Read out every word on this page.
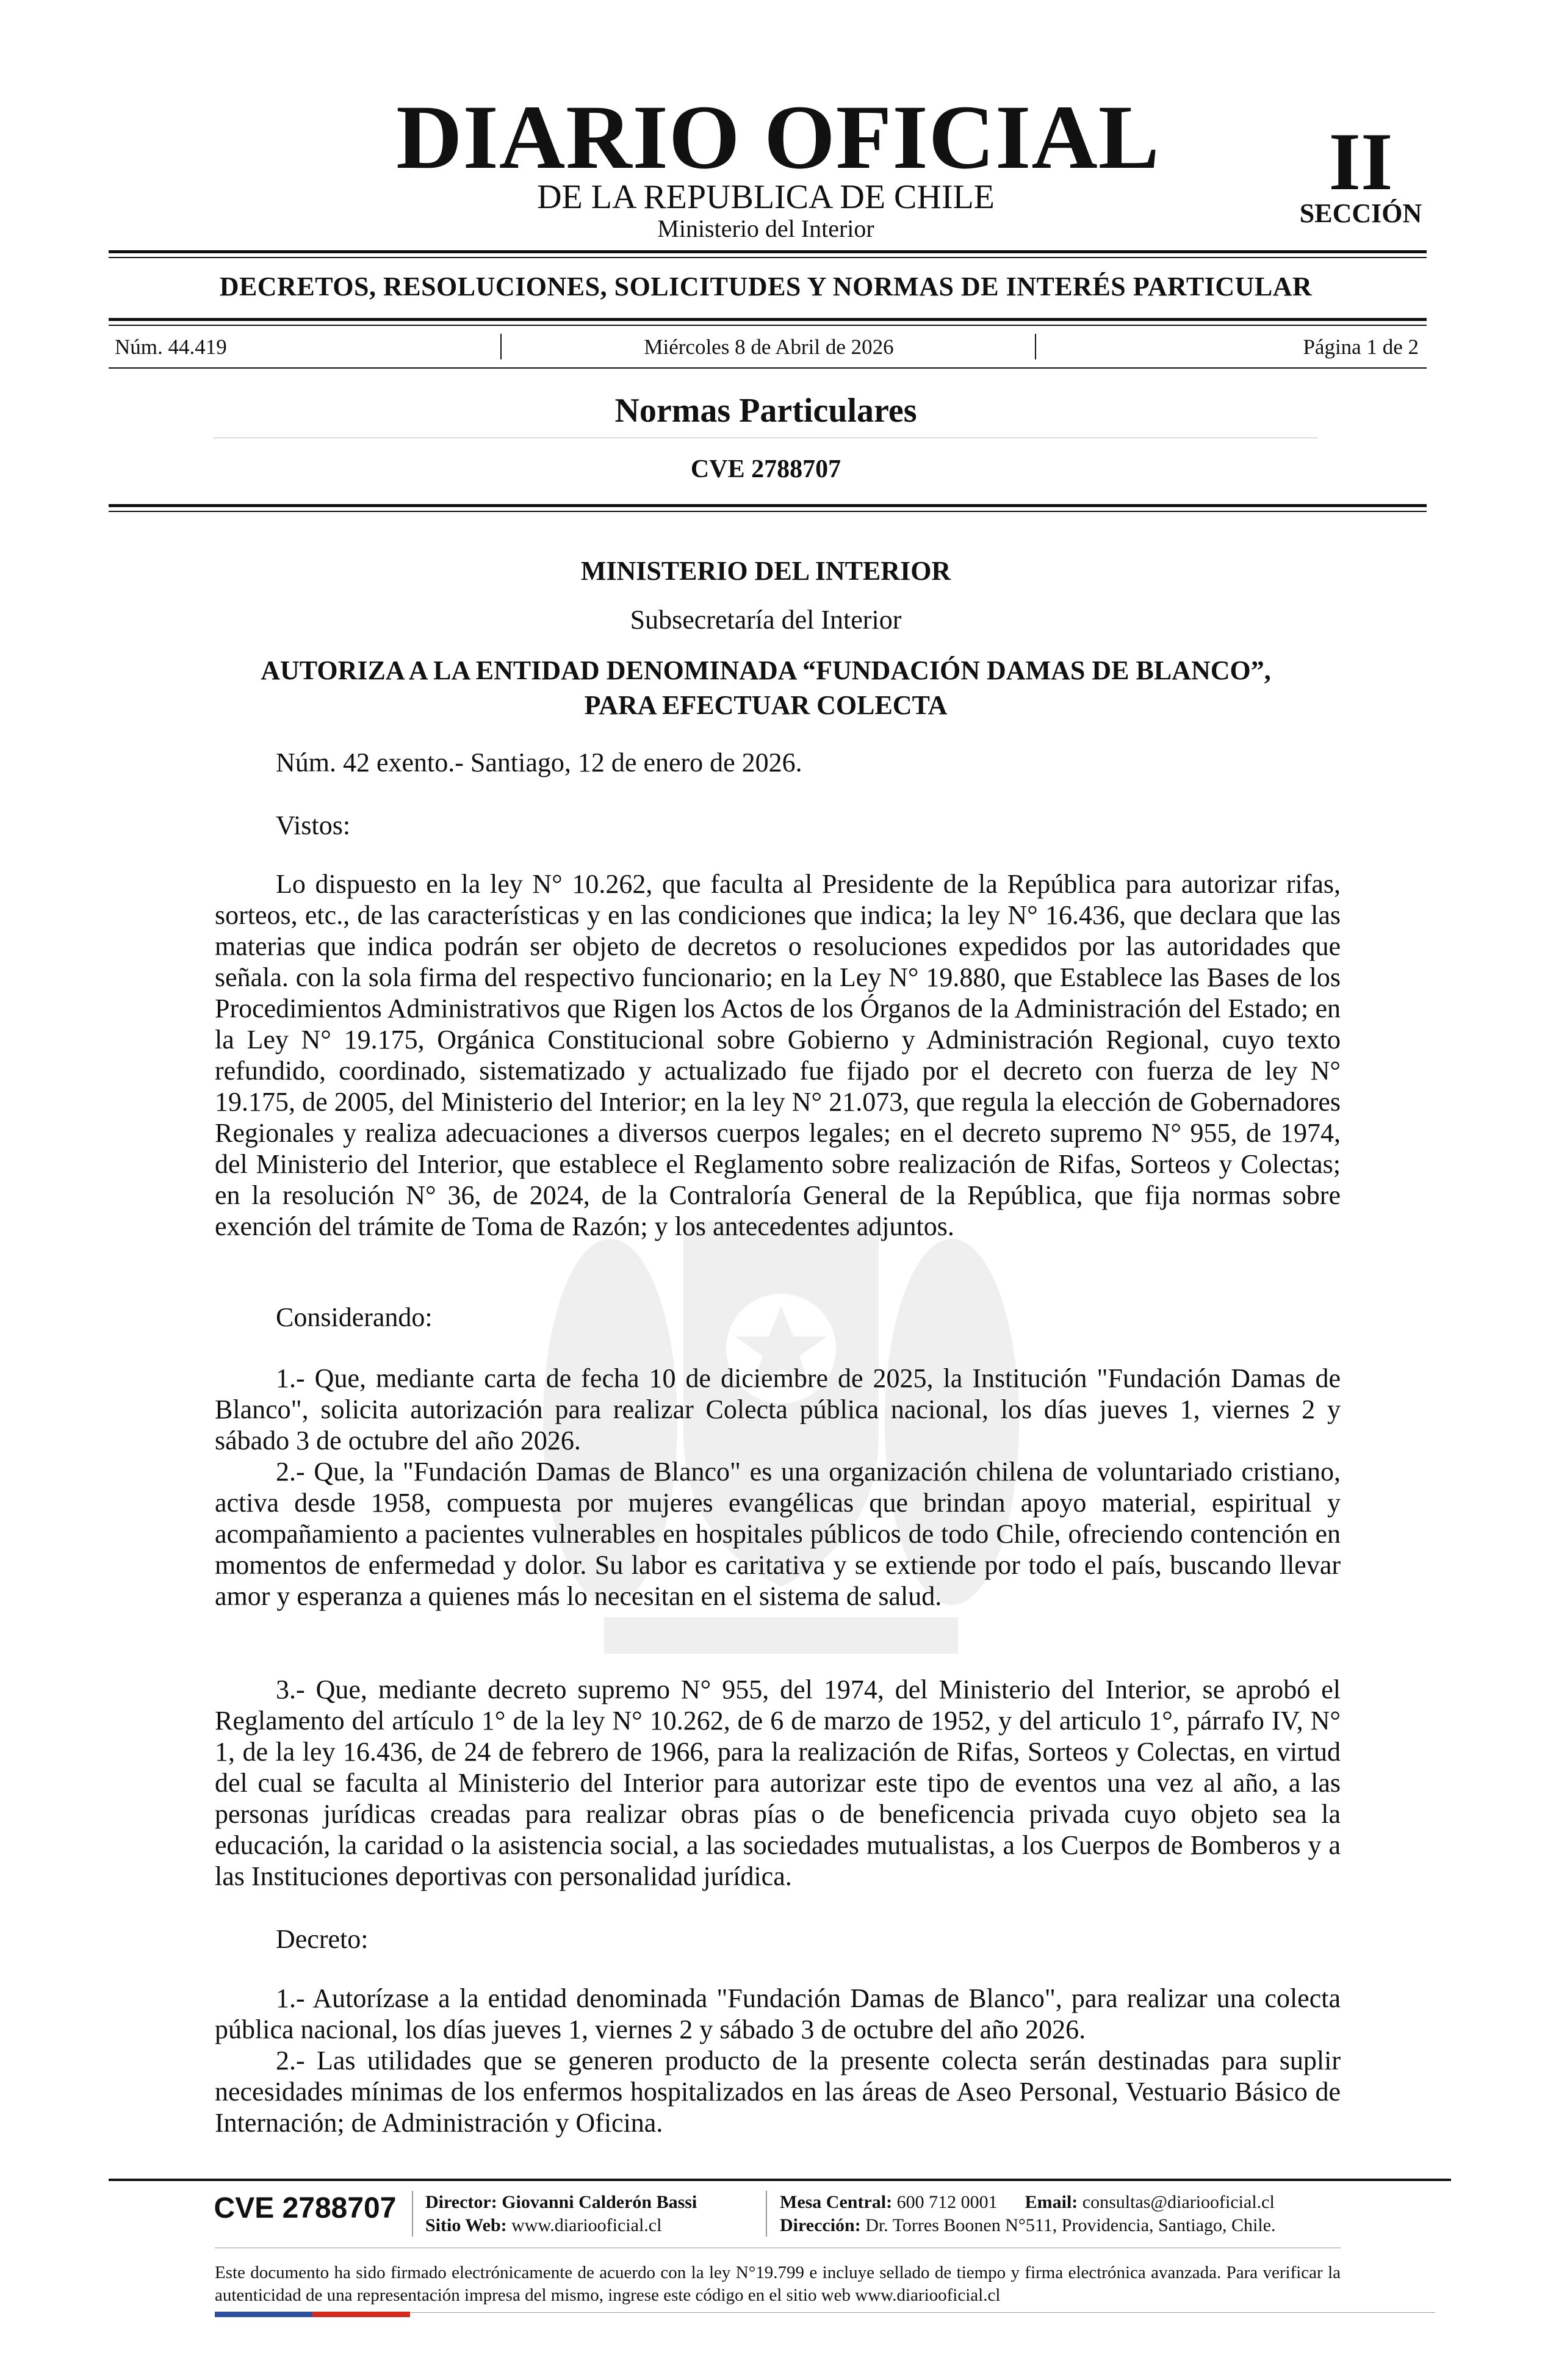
DIARIO OFICIAL
DE LA REPUBLICA DE CHILE
Ministerio del Interior
II
SECCIÓN
DECRETOS, RESOLUCIONES, SOLICITUDES Y NORMAS DE INTERÉS PARTICULAR
Núm. 44.419	Miércoles 8 de Abril de 2026	Página 1 de 2
Normas Particulares
CVE 2788707
MINISTERIO DEL INTERIOR
Subsecretaría del Interior
AUTORIZA A LA ENTIDAD DENOMINADA “FUNDACIÓN DAMAS DE BLANCO”,
PARA EFECTUAR COLECTA
Núm. 42 exento.- Santiago, 12 de enero de 2026.
Vistos:
Lo dispuesto en la ley N° 10.262, que faculta al Presidente de la República para autorizar rifas, sorteos, etc., de las características y en las condiciones que indica; la ley N° 16.436, que declara que las materias que indica podrán ser objeto de decretos o resoluciones expedidos por las autoridades que señala. con la sola firma del respectivo funcionario; en la Ley N° 19.880, que Establece las Bases de los Procedimientos Administrativos que Rigen los Actos de los Órganos de la Administración del Estado; en la Ley N° 19.175, Orgánica Constitucional sobre Gobierno y Administración Regional, cuyo texto refundido, coordinado, sistematizado y actualizado fue fijado por el decreto con fuerza de ley N° 19.175, de 2005, del Ministerio del Interior; en la ley N° 21.073, que regula la elección de Gobernadores Regionales y realiza adecuaciones a diversos cuerpos legales; en el decreto supremo N° 955, de 1974, del Ministerio del Interior, que establece el Reglamento sobre realización de Rifas, Sorteos y Colectas; en la resolución N° 36, de 2024, de la Contraloría General de la República, que fija normas sobre exención del trámite de Toma de Razón; y los antecedentes adjuntos.
Considerando:
1.- Que, mediante carta de fecha 10 de diciembre de 2025, la Institución "Fundación Damas de Blanco", solicita autorización para realizar Colecta pública nacional, los días jueves 1, viernes 2 y sábado 3 de octubre del año 2026.
2.- Que, la "Fundación Damas de Blanco" es una organización chilena de voluntariado cristiano, activa desde 1958, compuesta por mujeres evangélicas que brindan apoyo material, espiritual y acompañamiento a pacientes vulnerables en hospitales públicos de todo Chile, ofreciendo contención en momentos de enfermedad y dolor. Su labor es caritativa y se extiende por todo el país, buscando llevar amor y esperanza a quienes más lo necesitan en el sistema de salud.
3.- Que, mediante decreto supremo N° 955, del 1974, del Ministerio del Interior, se aprobó el Reglamento del artículo 1° de la ley N° 10.262, de 6 de marzo de 1952, y del articulo 1°, párrafo IV, N° 1, de la ley 16.436, de 24 de febrero de 1966, para la realización de Rifas, Sorteos y Colectas, en virtud del cual se faculta al Ministerio del Interior para autorizar este tipo de eventos una vez al año, a las personas jurídicas creadas para realizar obras pías o de beneficencia privada cuyo objeto sea la educación, la caridad o la asistencia social, a las sociedades mutualistas, a los Cuerpos de Bomberos y a las Instituciones deportivas con personalidad jurídica.
Decreto:
1.- Autorízase a la entidad denominada "Fundación Damas de Blanco", para realizar una colecta pública nacional, los días jueves 1, viernes 2 y sábado 3 de octubre del año 2026.
2.- Las utilidades que se generen producto de la presente colecta serán destinadas para suplir necesidades mínimas de los enfermos hospitalizados en las áreas de Aseo Personal, Vestuario Básico de Internación; de Administración y Oficina.
CVE 2788707	Director: Giovanni Calderón Bassi
Sitio Web: www.diariooficial.cl
Mesa Central: 600 712 0001 Email: consultas@diariooficial.cl
Dirección: Dr. Torres Boonen N°511, Providencia, Santiago, Chile.
Este documento ha sido firmado electrónicamente de acuerdo con la ley N°19.799 e incluye sellado de tiempo y firma electrónica avanzada. Para verificar la autenticidad de una representación impresa del mismo, ingrese este código en el sitio web www.diariooficial.cl
